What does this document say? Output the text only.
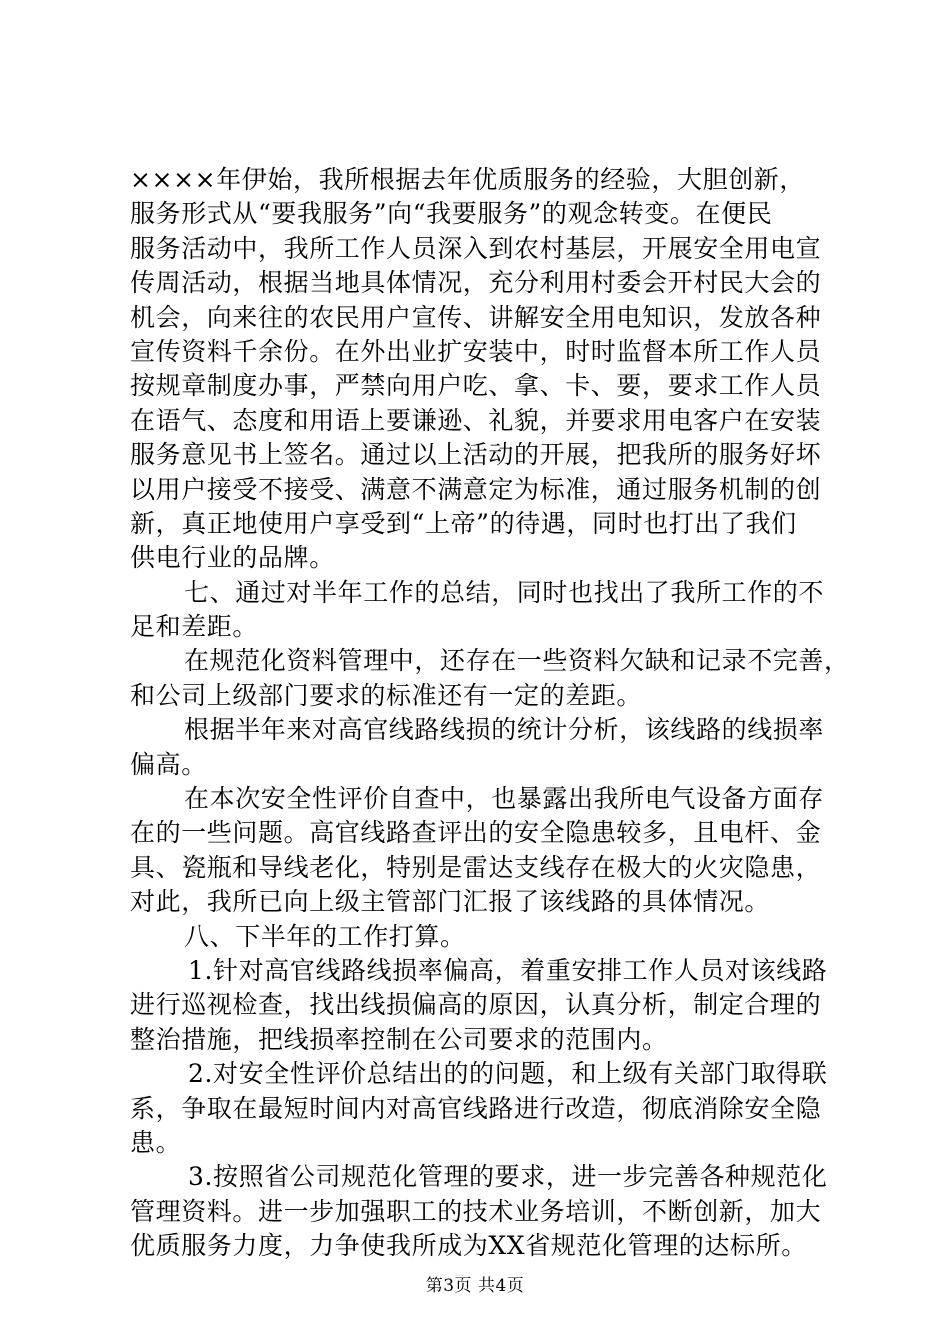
××××年伊始，我所根据去年优质服务的经验，大胆创新，
服务形式从“要我服务”向“我要服务”的观念转变。在便民
服务活动中，我所工作人员深入到农村基层，开展安全用电宣
传周活动，根据当地具体情况，充分利用村委会开村民大会的
机会，向来往的农民用户宣传、讲解安全用电知识，发放各种
宣传资料千余份。在外出业扩安装中，时时监督本所工作人员
按规章制度办事，严禁向用户吃、拿、卡、要，要求工作人员
在语气、态度和用语上要谦逊、礼貌，并要求用电客户在安装
服务意见书上签名。通过以上活动的开展，把我所的服务好坏
以用户接受不接受、满意不满意定为标准，通过服务机制的创
新，真正地使用户享受到“上帝”的待遇，同时也打出了我们
供电行业的品牌。
七、通过对半年工作的总结，同时也找出了我所工作的不
足和差距。
在规范化资料管理中，还存在一些资料欠缺和记录不完善，
和公司上级部门要求的标准还有一定的差距。
根据半年来对高官线路线损的统计分析，该线路的线损率
偏高。
在本次安全性评价自查中，也暴露出我所电气设备方面存
在的一些问题。高官线路查评出的安全隐患较多，且电杆、金
具、瓷瓶和导线老化，特别是雷达支线存在极大的火灾隐患，
对此，我所已向上级主管部门汇报了该线路的具体情况。
八、下半年的工作打算。
1.针对高官线路线损率偏高，着重安排工作人员对该线路
进行巡视检查，找出线损偏高的原因，认真分析，制定合理的
整治措施，把线损率控制在公司要求的范围内。
2.对安全性评价总结出的的问题，和上级有关部门取得联
系，争取在最短时间内对高官线路进行改造，彻底消除安全隐
患。
3.按照省公司规范化管理的要求，进一步完善各种规范化
管理资料。进一步加强职工的技术业务培训，不断创新，加大
优质服务力度，力争使我所成为XX省规范化管理的达标所。
第3页 共4页
